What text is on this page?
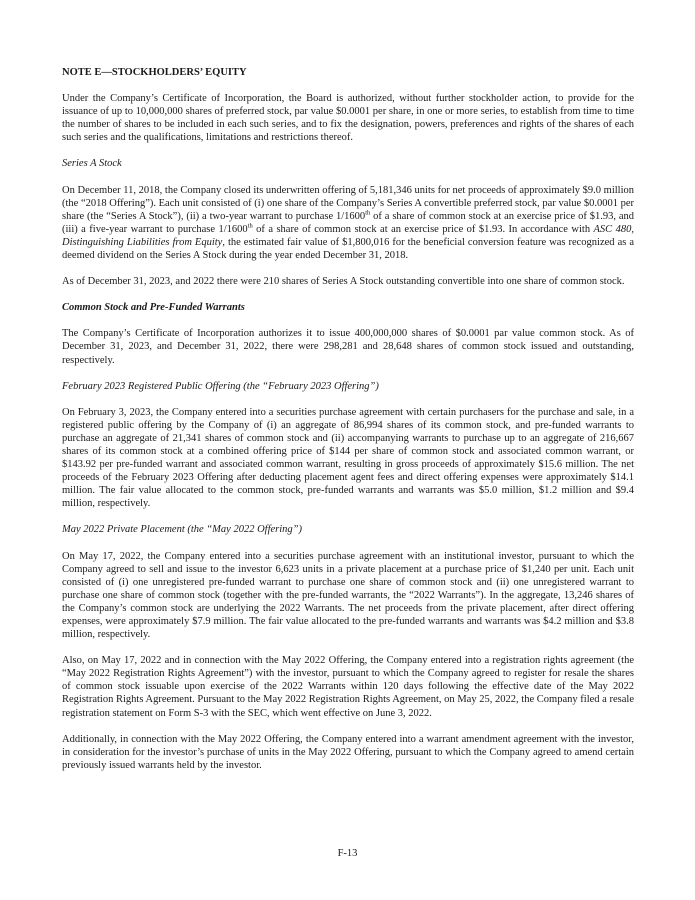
NOTE E—STOCKHOLDERS’ EQUITY

Under the Company’s Certificate of Incorporation, the Board is authorized, without further stockholder action, to provide for the issuance of up to 10,000,000 shares of preferred stock, par value $0.0001 per share, in one or more series, to establish from time to time the number of shares to be included in each such series, and to fix the designation, powers, preferences and rights of the shares of each such series and the qualifications, limitations and restrictions thereof.

Series A Stock

On December 11, 2018, the Company closed its underwritten offering of 5,181,346 units for net proceeds of approximately $9.0 million (the “2018 Offering”). Each unit consisted of (i) one share of the Company’s Series A convertible preferred stock, par value $0.0001 per share (the “Series A Stock”), (ii) a two-year warrant to purchase 1/1600th of a share of common stock at an exercise price of $1.93, and (iii) a five-year warrant to purchase 1/1600th of a share of common stock at an exercise price of $1.93. In accordance with ASC 480, Distinguishing Liabilities from Equity, the estimated fair value of $1,800,016 for the beneficial conversion feature was recognized as a deemed dividend on the Series A Stock during the year ended December 31, 2018.

As of December 31, 2023, and 2022 there were 210 shares of Series A Stock outstanding convertible into one share of common stock.

Common Stock and Pre-Funded Warrants

The Company’s Certificate of Incorporation authorizes it to issue 400,000,000 shares of $0.0001 par value common stock. As of December 31, 2023, and December 31, 2022, there were 298,281 and 28,648 shares of common stock issued and outstanding, respectively.

February 2023 Registered Public Offering (the “February 2023 Offering”)

On February 3, 2023, the Company entered into a securities purchase agreement with certain purchasers for the purchase and sale, in a registered public offering by the Company of (i) an aggregate of 86,994 shares of its common stock, and pre-funded warrants to purchase an aggregate of 21,341 shares of common stock and (ii) accompanying warrants to purchase up to an aggregate of 216,667 shares of its common stock at a combined offering price of $144 per share of common stock and associated common warrant, or $143.92 per pre-funded warrant and associated common warrant, resulting in gross proceeds of approximately $15.6 million. The net proceeds of the February 2023 Offering after deducting placement agent fees and direct offering expenses were approximately $14.1 million. The fair value allocated to the common stock, pre-funded warrants and warrants was $5.0 million, $1.2 million and $9.4 million, respectively.

May 2022 Private Placement (the “May 2022 Offering”)

On May 17, 2022, the Company entered into a securities purchase agreement with an institutional investor, pursuant to which the Company agreed to sell and issue to the investor 6,623 units in a private placement at a purchase price of $1,240 per unit. Each unit consisted of (i) one unregistered pre-funded warrant to purchase one share of common stock and (ii) one unregistered warrant to purchase one share of common stock (together with the pre-funded warrants, the “2022 Warrants”). In the aggregate, 13,246 shares of the Company’s common stock are underlying the 2022 Warrants. The net proceeds from the private placement, after direct offering expenses, were approximately $7.9 million. The fair value allocated to the pre-funded warrants and warrants was $4.2 million and $3.8 million, respectively.

Also, on May 17, 2022 and in connection with the May 2022 Offering, the Company entered into a registration rights agreement (the “May 2022 Registration Rights Agreement”) with the investor, pursuant to which the Company agreed to register for resale the shares of common stock issuable upon exercise of the 2022 Warrants within 120 days following the effective date of the May 2022 Registration Rights Agreement. Pursuant to the May 2022 Registration Rights Agreement, on May 25, 2022, the Company filed a resale registration statement on Form S-3 with the SEC, which went effective on June 3, 2022.

Additionally, in connection with the May 2022 Offering, the Company entered into a warrant amendment agreement with the investor, in consideration for the investor’s purchase of units in the May 2022 Offering, pursuant to which the Company agreed to amend certain previously issued warrants held by the investor.

F-13
